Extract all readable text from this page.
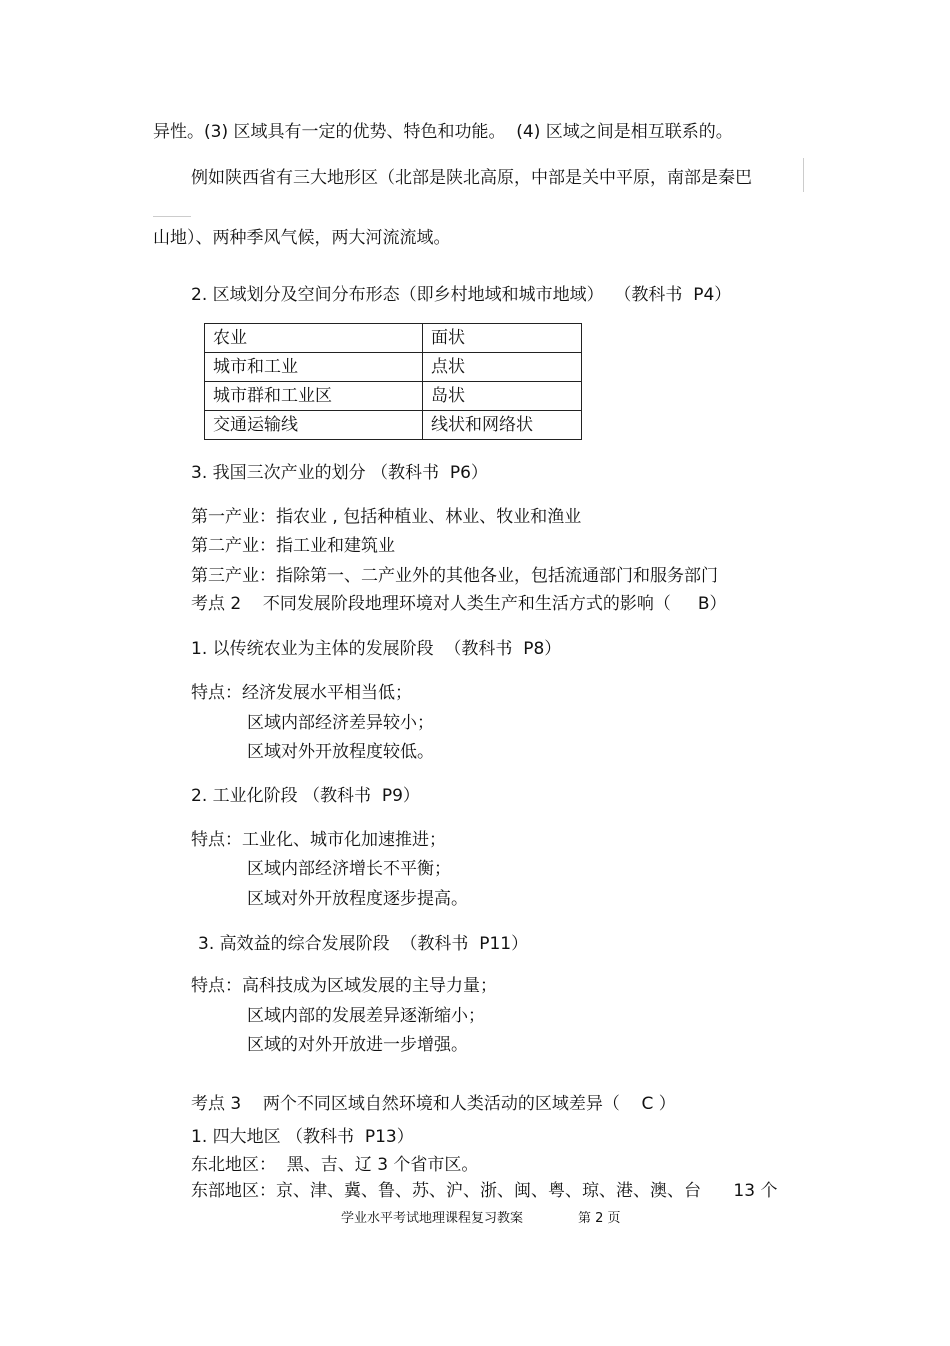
异性。(3) 区域具有一定的优势、特色和功能。  (4) 区域之间是相互联系的。
例如陕西省有三大地形区（北部是陕北高原，中部是关中平原，南部是秦巴
山地）、两种季风气候，两大河流流域。
2. 区域划分及空间分布形态（即乡村地域和城市地域）  （教科书  P4）
农业	面状
城市和工业	点状
城市群和工业区	岛状
交通运输线	线状和网络状
3. 我国三次产业的划分 （教科书  P6）
第一产业：指农业 , 包括种植业、林业、牧业和渔业
第二产业：指工业和建筑业
第三产业：指除第一、二产业外的其他各业，包括流通部门和服务部门
考点 2    不同发展阶段地理环境对人类生产和生活方式的影响（     B）
1. 以传统农业为主体的发展阶段  （教科书  P8）
特点：经济发展水平相当低；
区域内部经济差异较小；
区域对外开放程度较低。
2. 工业化阶段 （教科书  P9）
特点：工业化、城市化加速推进；
区域内部经济增长不平衡；
区域对外开放程度逐步提高。
3. 高效益的综合发展阶段  （教科书  P11）
特点：高科技成为区域发展的主导力量；
区域内部的发展差异逐渐缩小；
区域的对外开放进一步增强。
考点 3    两个不同区域自然环境和人类活动的区域差异（    C ）
1. 四大地区 （教科书  P13）
东北地区：  黑、吉、辽 3 个省市区。
东部地区：京、津、冀、鲁、苏、沪、浙、闽、粤、琼、港、澳、台      13 个
学业水平考试地理课程复习教案	第 2 页
